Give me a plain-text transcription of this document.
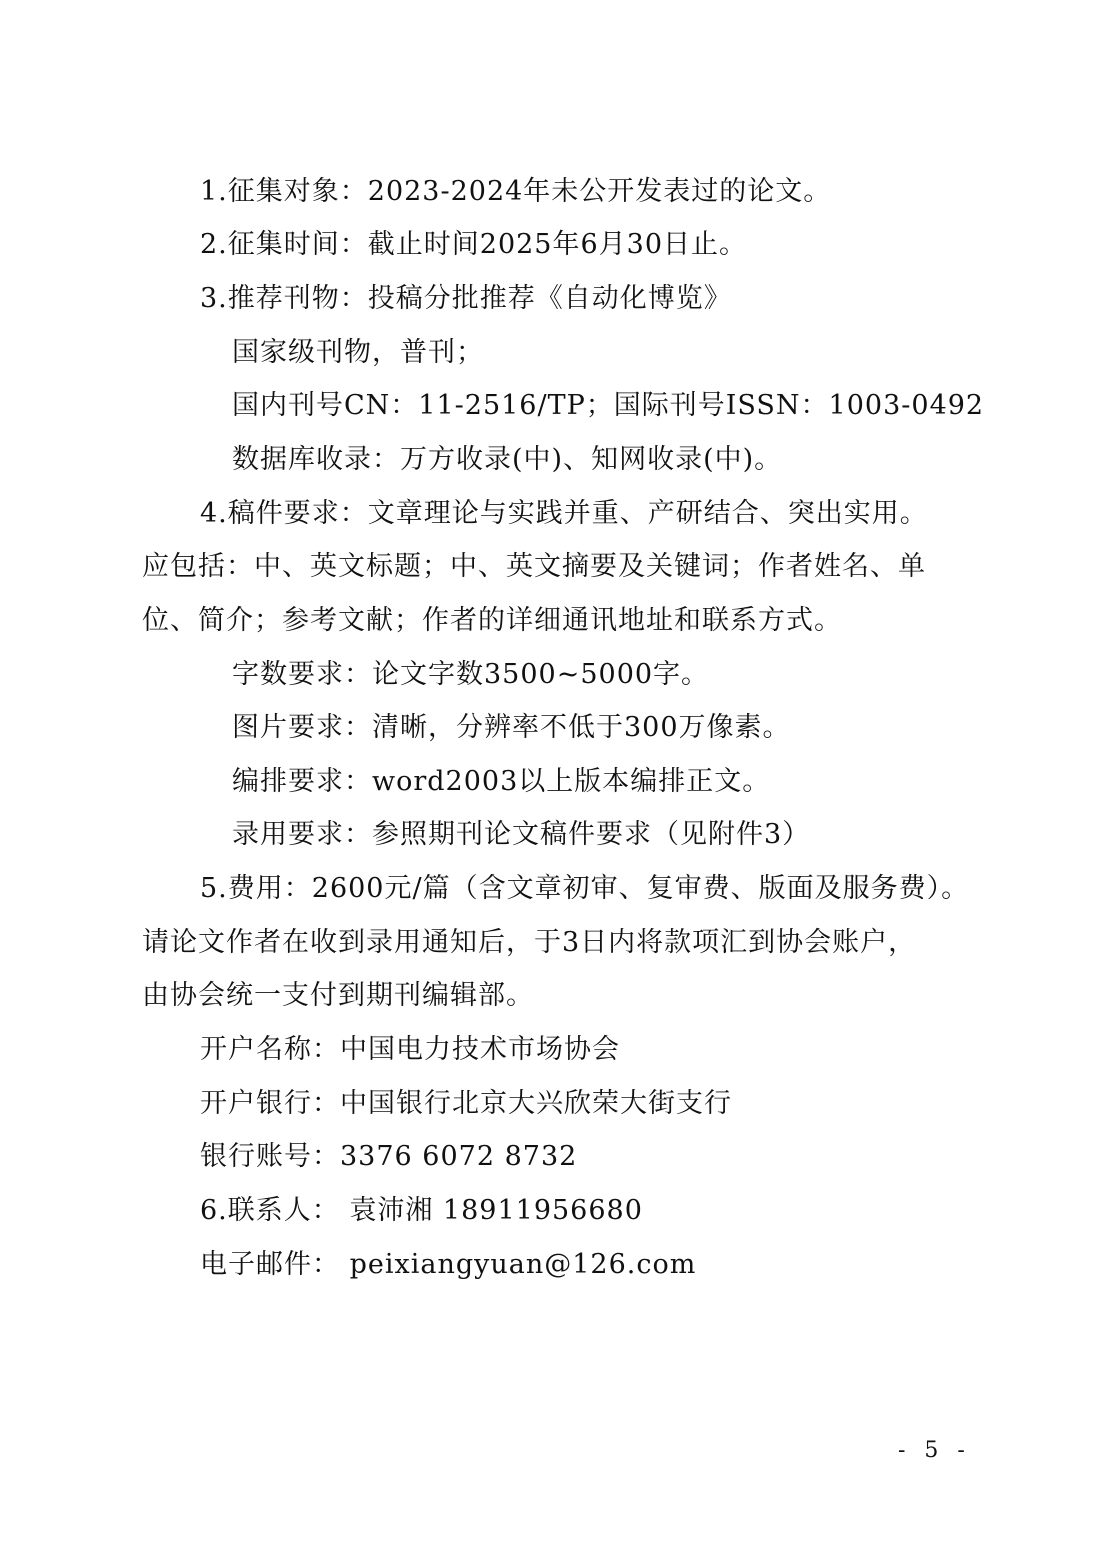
1.征集对象：2023-2024年未公开发表过的论文。
2.征集时间：截止时间2025年6月30日止。
3.推荐刊物：投稿分批推荐《自动化博览》
国家级刊物，普刊；
国内刊号CN：11-2516/TP；国际刊号ISSN：1003-0492
数据库收录：万方收录(中)、知网收录(中)。
4.稿件要求：文章理论与实践并重、产研结合、突出实用。
应包括：中、英文标题；中、英文摘要及关键词；作者姓名、单
位、简介；参考文献；作者的详细通讯地址和联系方式。
字数要求：论文字数3500~5000字。
图片要求：清晰，分辨率不低于300万像素。
编排要求：word2003以上版本编排正文。
录用要求：参照期刊论文稿件要求（见附件3）
5.费用：2600元/篇（含文章初审、复审费、版面及服务费）。
请论文作者在收到录用通知后，于3日内将款项汇到协会账户，
由协会统一支付到期刊编辑部。
开户名称：中国电力技术市场协会
开户银行：中国银行北京大兴欣荣大街支行
银行账号：3376 6072 8732
6.联系人： 袁沛湘 18911956680
电子邮件： peixiangyuan@126.com
- 5 -
